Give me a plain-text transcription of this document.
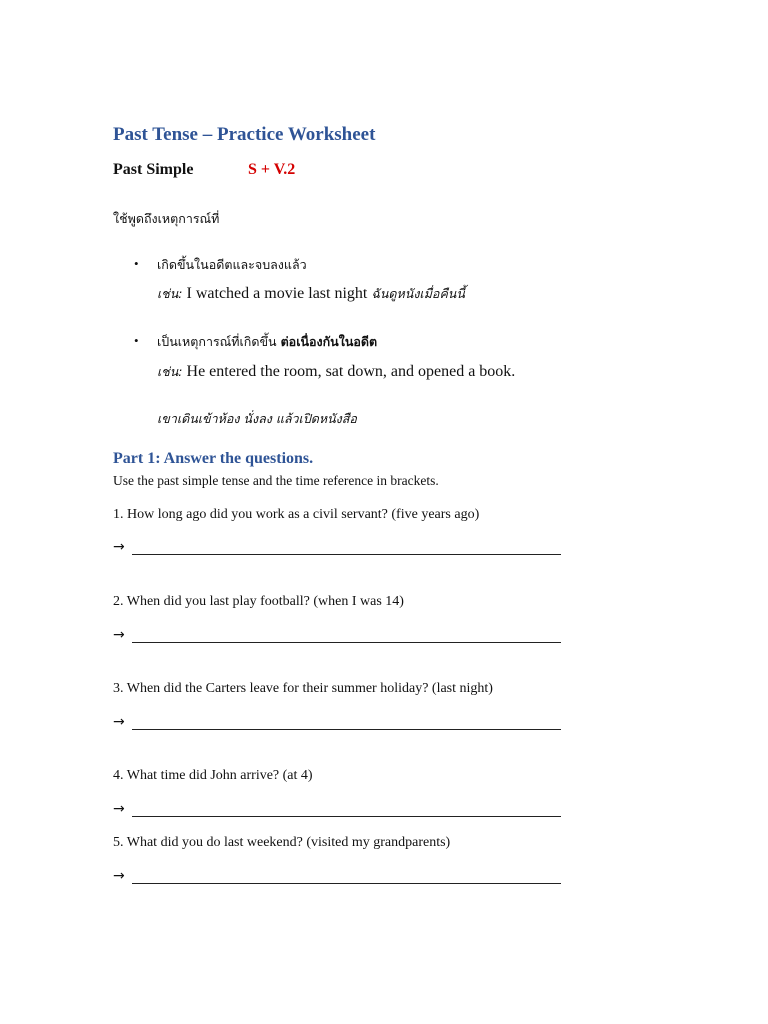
Past Tense – Practice Worksheet
Past Simple	S + V.2
ใช้พูดถึงเหตุการณ์ที่
• เกิดขึ้นในอดีตและจบลงแล้ว
เช่น: I watched a movie last night ฉันดูหนังเมื่อคืนนี้
• เป็นเหตุการณ์ที่เกิดขึ้น ต่อเนื่องกันในอดีต
เช่น: He entered the room, sat down, and opened a book.
เขาเดินเข้าห้อง นั่งลง แล้วเปิดหนังสือ
Part 1: Answer the questions.
Use the past simple tense and the time reference in brackets.
1. How long ago did you work as a civil servant? (five years ago)
→
2. When did you last play football? (when I was 14)
→
3. When did the Carters leave for their summer holiday? (last night)
→
4. What time did John arrive? (at 4)
→
5. What did you do last weekend? (visited my grandparents)
→
